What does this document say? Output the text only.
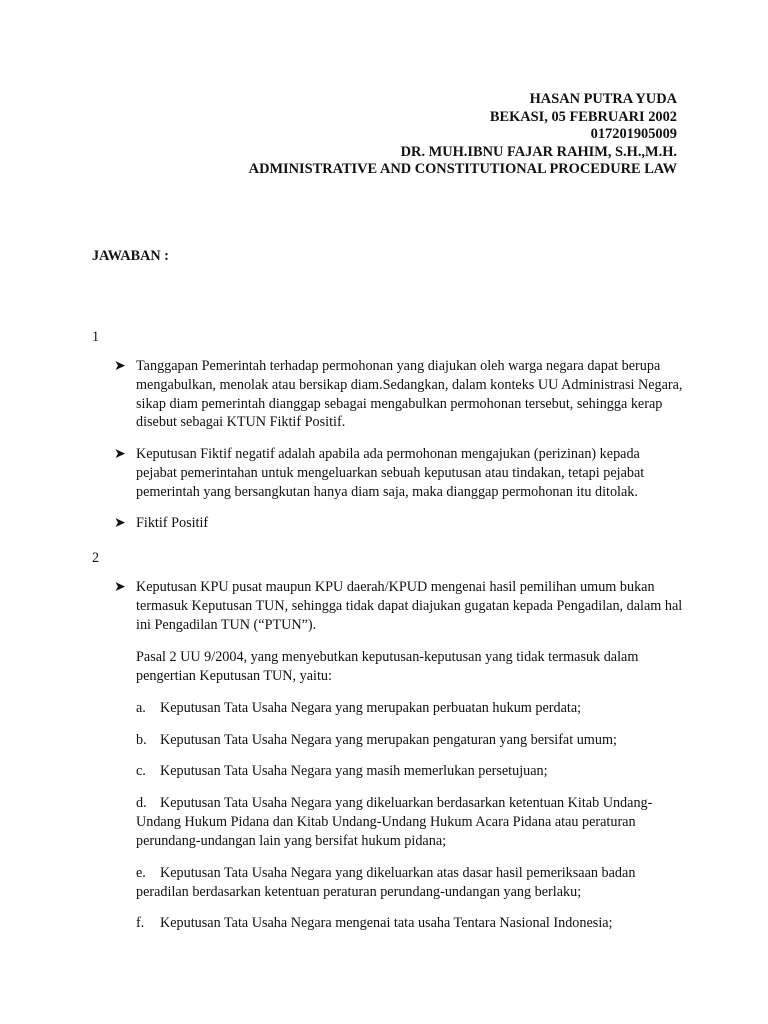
HASAN PUTRA YUDA
BEKASI, 05 FEBRUARI 2002
017201905009
DR. MUH.IBNU FAJAR RAHIM, S.H.,M.H.
ADMINISTRATIVE AND CONSTITUTIONAL PROCEDURE LAW
JAWABAN :
1
➤ Tanggapan Pemerintah terhadap permohonan yang diajukan oleh warga negara dapat berupa mengabulkan, menolak atau bersikap diam.Sedangkan, dalam konteks UU Administrasi Negara, sikap diam pemerintah dianggap sebagai mengabulkan permohonan tersebut, sehingga kerap disebut sebagai KTUN Fiktif Positif.
➤ Keputusan Fiktif negatif adalah apabila ada permohonan mengajukan (perizinan) kepada pejabat pemerintahan untuk mengeluarkan sebuah keputusan atau tindakan, tetapi pejabat pemerintah yang bersangkutan hanya diam saja, maka dianggap permohonan itu ditolak.
➤ Fiktif Positif
2
➤ Keputusan KPU pusat maupun KPU daerah/KPUD mengenai hasil pemilihan umum bukan termasuk Keputusan TUN, sehingga tidak dapat diajukan gugatan kepada Pengadilan, dalam hal ini Pengadilan TUN (“PTUN”).
Pasal 2 UU 9/2004, yang menyebutkan keputusan-keputusan yang tidak termasuk dalam pengertian Keputusan TUN, yaitu:
a. Keputusan Tata Usaha Negara yang merupakan perbuatan hukum perdata;
b. Keputusan Tata Usaha Negara yang merupakan pengaturan yang bersifat umum;
c. Keputusan Tata Usaha Negara yang masih memerlukan persetujuan;
d. Keputusan Tata Usaha Negara yang dikeluarkan berdasarkan ketentuan Kitab Undang-Undang Hukum Pidana dan Kitab Undang-Undang Hukum Acara Pidana atau peraturan perundang-undangan lain yang bersifat hukum pidana;
e. Keputusan Tata Usaha Negara yang dikeluarkan atas dasar hasil pemeriksaan badan peradilan berdasarkan ketentuan peraturan perundang-undangan yang berlaku;
f. Keputusan Tata Usaha Negara mengenai tata usaha Tentara Nasional Indonesia;
